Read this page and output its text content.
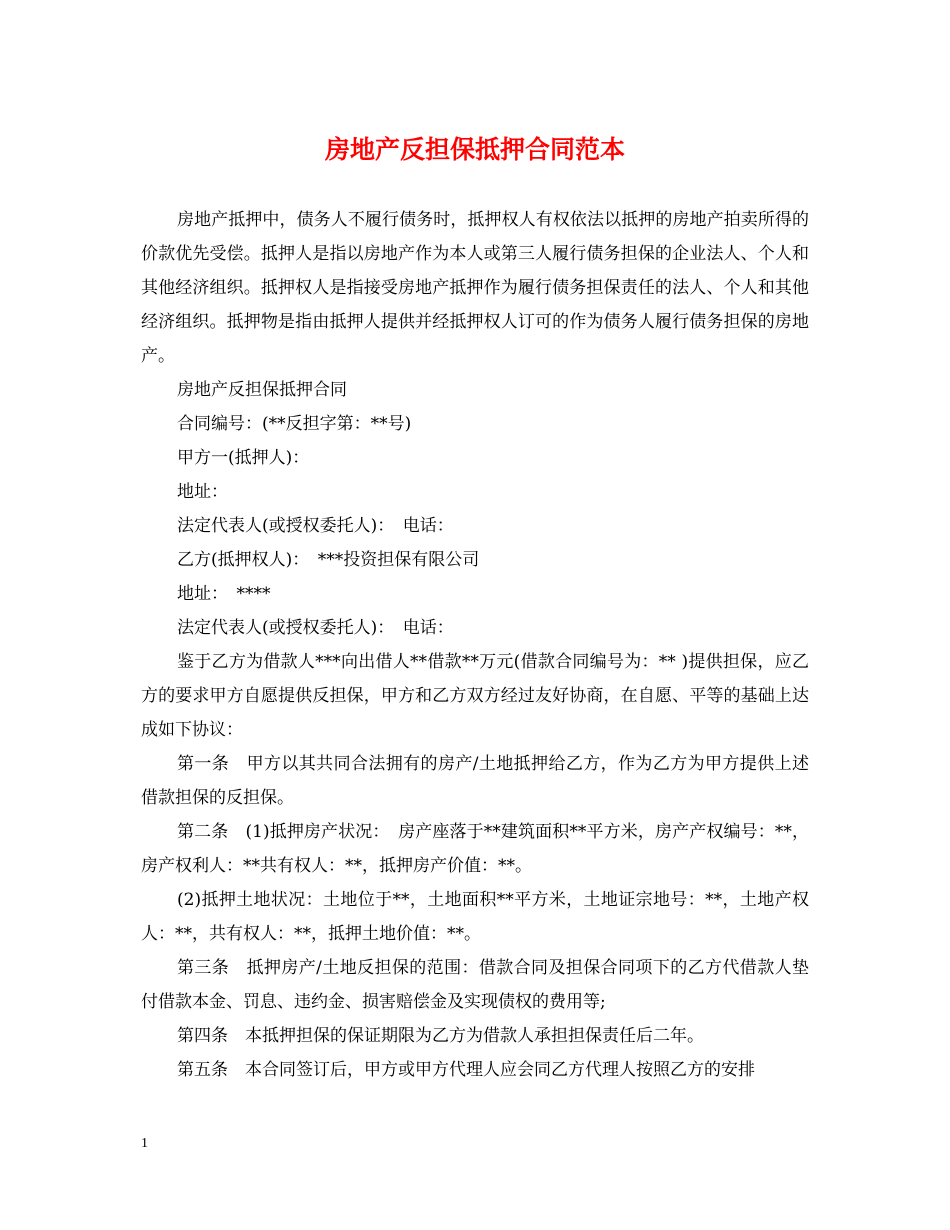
房地产反担保抵押合同范本

房地产抵押中，债务人不履行债务时，抵押权人有权依法以抵押的房地产拍卖所得的价款优先受偿。抵押人是指以房地产作为本人或第三人履行债务担保的企业法人、个人和其他经济组织。抵押权人是指接受房地产抵押作为履行债务担保责任的法人、个人和其他经济组织。抵押物是指由抵押人提供并经抵押权人订可的作为债务人履行债务担保的房地产。

房地产反担保抵押合同

合同编号：(**反担字第：**号)

甲方一(抵押人)：

地址：

法定代表人(或授权委托人)：　电话：

乙方(抵押权人)：　***投资担保有限公司

地址：　****

法定代表人(或授权委托人)：　电话：

鉴于乙方为借款人***向出借人**借款**万元(借款合同编号为：** )提供担保，应乙方的要求甲方自愿提供反担保，甲方和乙方双方经过友好协商，在自愿、平等的基础上达成如下协议：

第一条　甲方以其共同合法拥有的房产/土地抵押给乙方，作为乙方为甲方提供上述借款担保的反担保。

第二条　(1)抵押房产状况：　房产座落于**建筑面积**平方米，房产产权编号：**，房产权利人：**共有权人：**，抵押房产价值：**。

(2)抵押土地状况：土地位于**，土地面积**平方米，土地证宗地号：**，土地产权人：**，共有权人：**，抵押土地价值：**。

第三条　抵押房产/土地反担保的范围：借款合同及担保合同项下的乙方代借款人垫付借款本金、罚息、违约金、损害赔偿金及实现债权的费用等;

第四条　本抵押担保的保证期限为乙方为借款人承担担保责任后二年。

第五条　本合同签订后，甲方或甲方代理人应会同乙方代理人按照乙方的安排

1
